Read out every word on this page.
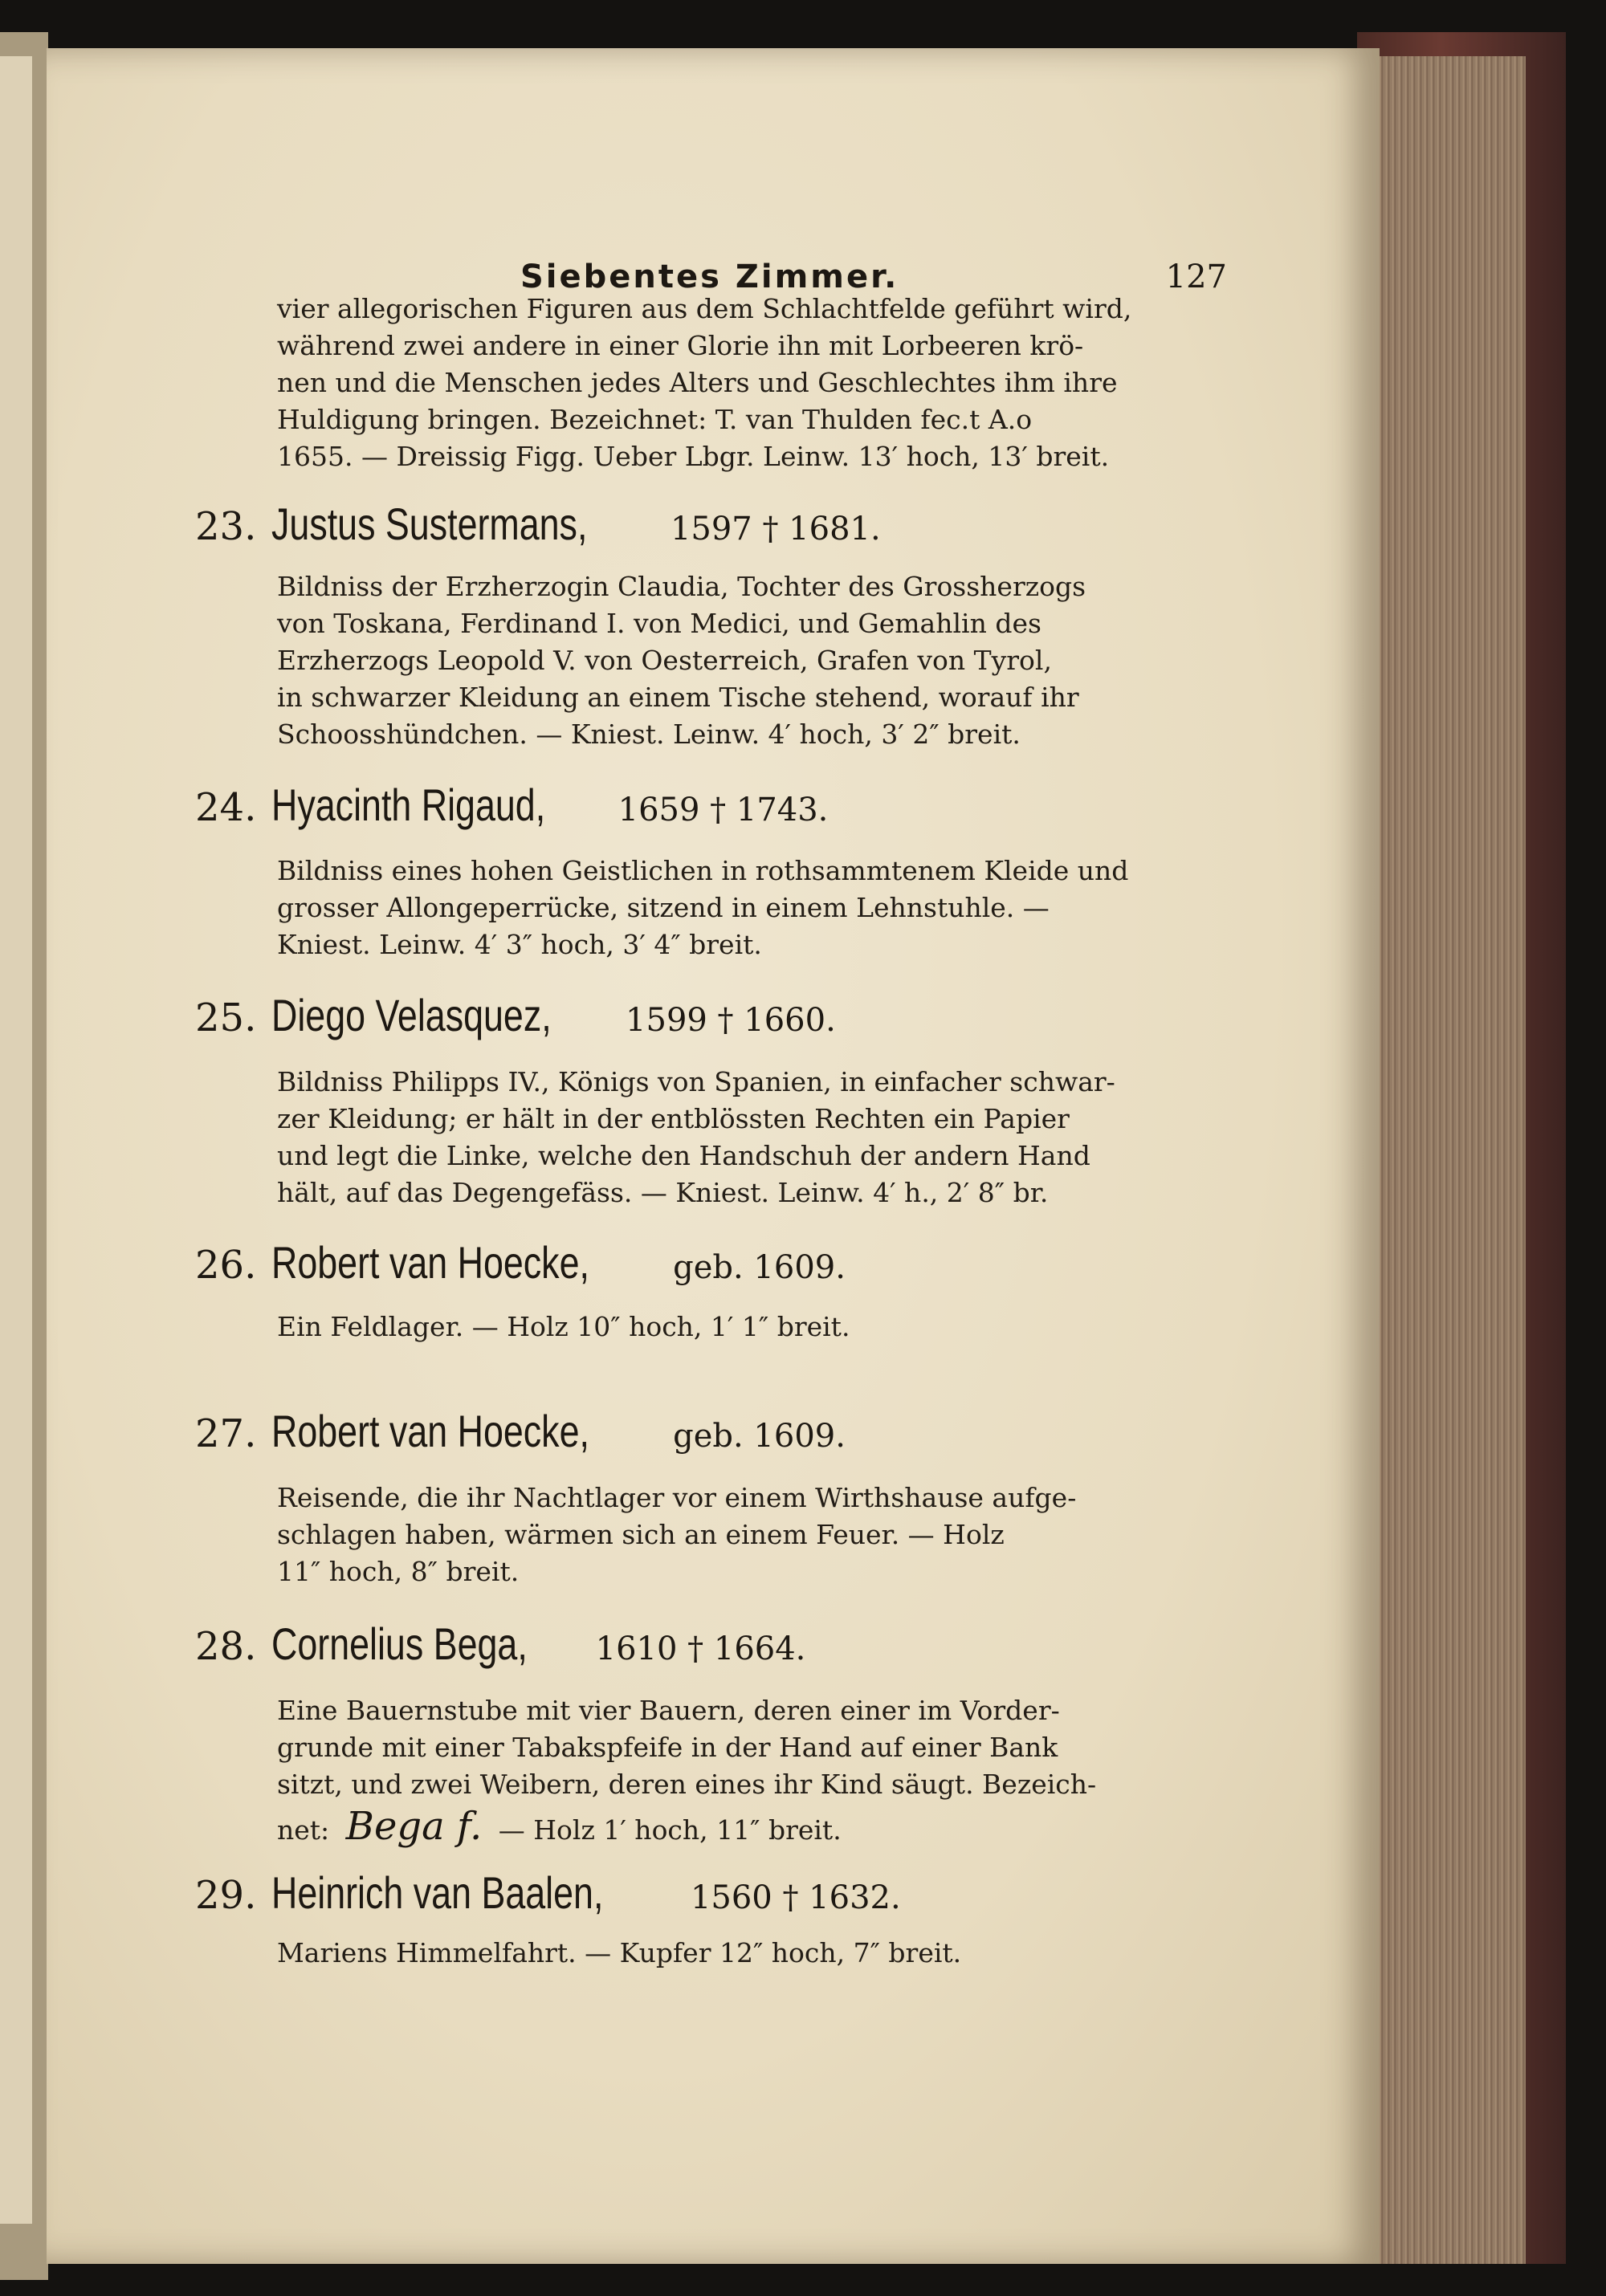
Siebentes Zimmer.	127
vier allegorischen Figuren aus dem Schlachtfelde geführt wird,
während zwei andere in einer Glorie ihn mit Lorbeeren krö-
nen und die Menschen jedes Alters und Geschlechtes ihm ihre
Huldigung bringen. Bezeichnet: T. van Thulden fec.t A.o
1655. — Dreissig Figg. Ueber Lbgr. Leinw. 13′ hoch, 13′ breit.
23. Justus Sustermans,	1597 † 1681.
Bildniss der Erzherzogin Claudia, Tochter des Grossherzogs
von Toskana, Ferdinand I. von Medici, und Gemahlin des
Erzherzogs Leopold V. von Oesterreich, Grafen von Tyrol,
in schwarzer Kleidung an einem Tische stehend, worauf ihr
Schoosshündchen. — Kniest. Leinw. 4′ hoch, 3′ 2″ breit.
24. Hyacinth Rigaud, 1659 † 1743.
Bildniss eines hohen Geistlichen in rothsammtenem Kleide und
grosser Allongeperrücke, sitzend in einem Lehnstuhle. —
Kniest. Leinw. 4′ 3″ hoch, 3′ 4″ breit.
25. Diego Velasquez, 1599 † 1660.
Bildniss Philipps IV., Königs von Spanien, in einfacher schwar-
zer Kleidung; er hält in der entblössten Rechten ein Papier
und legt die Linke, welche den Handschuh der andern Hand
hält, auf das Degengefäss. — Kniest. Leinw. 4′ h., 2′ 8″ br.
26. Robert van Hoecke,	geb. 1609.
Ein Feldlager. — Holz 10″ hoch, 1′ 1″ breit.
27. Robert van Hoecke,	geb. 1609.
Reisende, die ihr Nachtlager vor einem Wirthshause aufge-
schlagen haben, wärmen sich an einem Feuer. — Holz
11″ hoch, 8″ breit.
28. Cornelius Bega, 1610 † 1664.
Eine Bauernstube mit vier Bauern, deren einer im Vorder-
grunde mit einer Tabakspfeife in der Hand auf einer Bank
sitzt, und zwei Weibern, deren eines ihr Kind säugt. Bezeich-
net: Bega f. — Holz 1′ hoch, 11″ breit.
29. Heinrich van Baalen,	1560 † 1632.
Mariens Himmelfahrt. — Kupfer 12″ hoch, 7″ breit.
